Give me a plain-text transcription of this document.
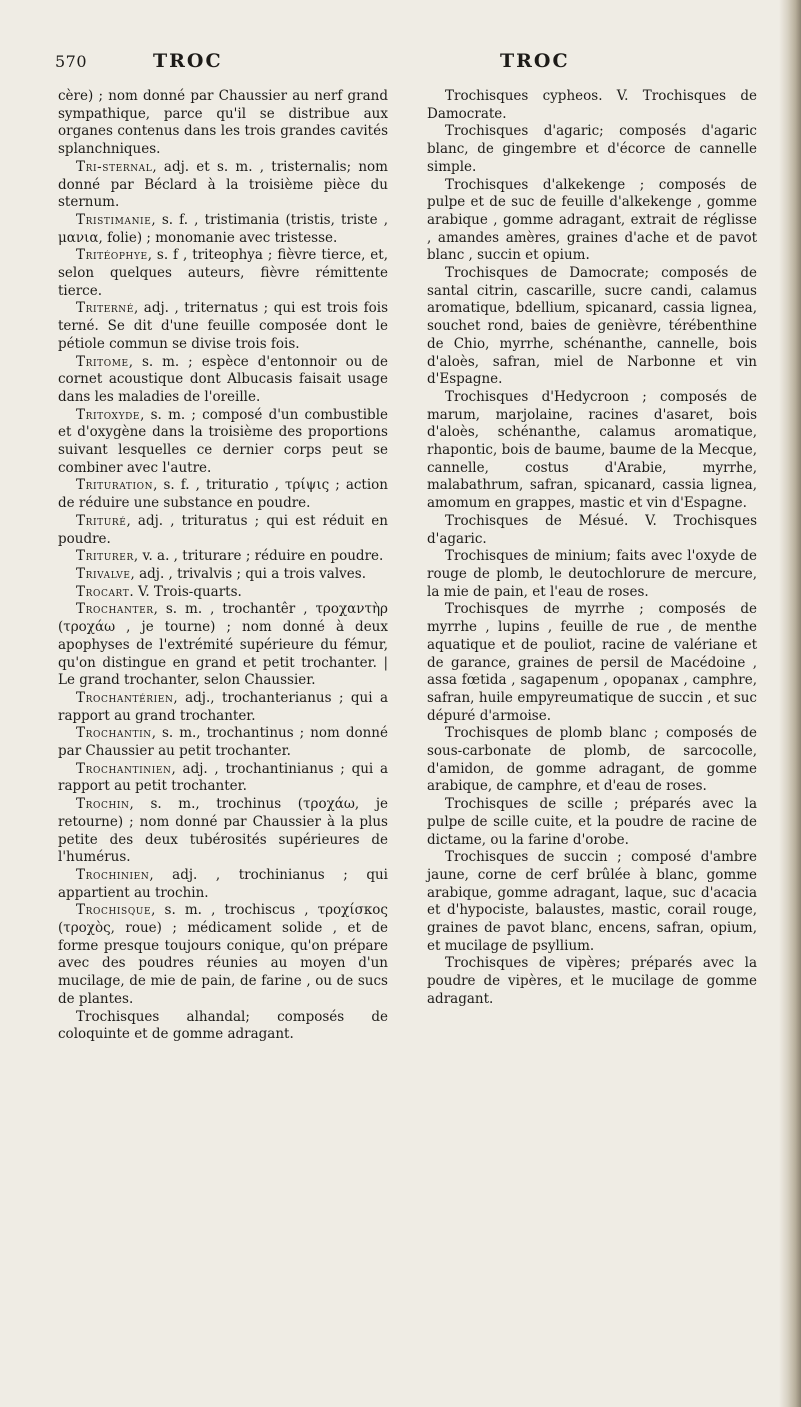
570	TROC	TROC

cère) ; nom donné par Chaussier au nerf grand sympathique, parce qu'il se distribue aux organes contenus dans les trois grandes cavités splanchniques.

Tri-sternal, adj. et s. m. , tristernalis; nom donné par Béclard à la troisième pièce du sternum.

Tristimanie, s. f. , tristimania (tristis, triste , μανια, folie) ; monomanie avec tristesse.

Tritéophye, s. f , triteophya ; fièvre tierce, et, selon quelques auteurs, fièvre rémittente tierce.

Triterné, adj. , triternatus ; qui est trois fois terné. Se dit d'une feuille composée dont le pétiole commun se divise trois fois.

Tritome, s. m. ; espèce d'entonnoir ou de cornet acoustique dont Albucasis faisait usage dans les maladies de l'oreille.

Tritoxyde, s. m. ; composé d'un combustible et d'oxygène dans la troisième des proportions suivant lesquelles ce dernier corps peut se combiner avec l'autre.

Trituration, s. f. , trituratio , τρίψις ; action de réduire une substance en poudre.

Trituré, adj. , trituratus ; qui est réduit en poudre.

Triturer, v. a. , triturare ; réduire en poudre.

Trivalve, adj. , trivalvis ; qui a trois valves.

Trocart. V. Trois-quarts.

Trochanter, s. m. , trochantêr , τροχαντὴρ (τροχάω , je tourne) ; nom donné à deux apophyses de l'extrémité supérieure du fémur, qu'on distingue en grand et petit trochanter. | Le grand trochanter, selon Chaussier.

Trochantérien, adj., trochanterianus ; qui a rapport au grand trochanter.

Trochantin, s. m., trochantinus ; nom donné par Chaussier au petit trochanter.

Trochantinien, adj. , trochantinianus ; qui a rapport au petit trochanter.

Trochin, s. m., trochinus (τροχάω, je retourne) ; nom donné par Chaussier à la plus petite des deux tubérosités supérieures de l'humérus.

Trochinien, adj. , trochinianus ; qui appartient au trochin.

Trochisque, s. m. , trochiscus , τροχίσκος (τροχὸς, roue) ; médicament solide , et de forme presque toujours conique, qu'on prépare avec des poudres réunies au moyen d'un mucilage, de mie de pain, de farine , ou de sucs de plantes.

Trochisques alhandal; composés de coloquinte et de gomme adragant.

Trochisques cypheos. V. Trochisques de Damocrate.

Trochisques d'agaric; composés d'agaric blanc, de gingembre et d'écorce de cannelle simple.

Trochisques d'alkekenge ; composés de pulpe et de suc de feuille d'alkekenge , gomme arabique , gomme adragant, extrait de réglisse , amandes amères, graines d'ache et de pavot blanc , succin et opium.

Trochisques de Damocrate; composés de santal citrin, cascarille, sucre candi, calamus aromatique, bdellium, spicanard, cassia lignea, souchet rond, baies de genièvre, térébenthine de Chio, myrrhe, schénanthe, cannelle, bois d'aloès, safran, miel de Narbonne et vin d'Espagne.

Trochisques d'Hedycroon ; composés de marum, marjolaine, racines d'asaret, bois d'aloès, schénanthe, calamus aromatique, rhapontic, bois de baume, baume de la Mecque, cannelle, costus d'Arabie, myrrhe, malabathrum, safran, spicanard, cassia lignea, amomum en grappes, mastic et vin d'Espagne.

Trochisques de Mésué. V. Trochisques d'agaric.

Trochisques de minium; faits avec l'oxyde de rouge de plomb, le deutochlorure de mercure, la mie de pain, et l'eau de roses.

Trochisques de myrrhe ; composés de myrrhe , lupins , feuille de rue , de menthe aquatique et de pouliot, racine de valériane et de garance, graines de persil de Macédoine , assa fœtida , sagapenum , opopanax , camphre, safran, huile empyreumatique de succin , et suc dépuré d'armoise.

Trochisques de plomb blanc ; composés de sous-carbonate de plomb, de sarcocolle, d'amidon, de gomme adragant, de gomme arabique, de camphre, et d'eau de roses.

Trochisques de scille ; préparés avec la pulpe de scille cuite, et la poudre de racine de dictame, ou la farine d'orobe.

Trochisques de succin ; composé d'ambre jaune, corne de cerf brûlée à blanc, gomme arabique, gomme adragant, laque, suc d'acacia et d'hypociste, balaustes, mastic, corail rouge, graines de pavot blanc, encens, safran, opium, et mucilage de psyllium.

Trochisques de vipères; préparés avec la poudre de vipères, et le mucilage de gomme adragant.
